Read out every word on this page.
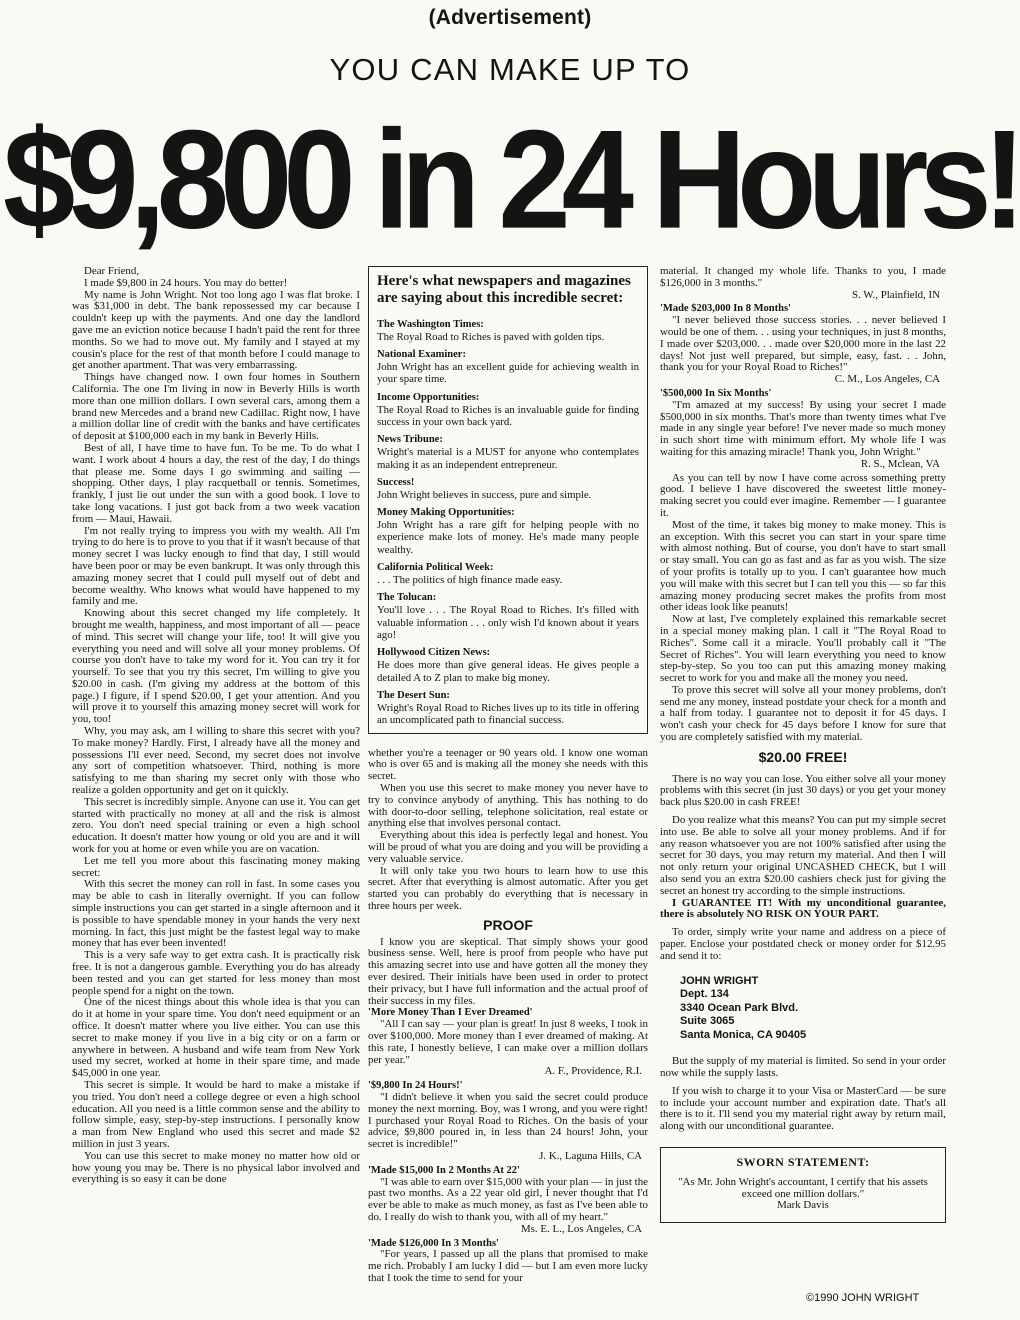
(Advertisement)
YOU CAN MAKE UP TO
$9,800 in 24 Hours!

Dear Friend,

I made $9,800 in 24 hours. You may do better!

My name is John Wright. Not too long ago I was flat broke. I was $31,000 in debt. The bank repossessed my car because I couldn't keep up with the payments. And one day the landlord gave me an eviction notice because I hadn't paid the rent for three months. So we had to move out. My family and I stayed at my cousin's place for the rest of that month before I could manage to get another apartment. That was very embarrassing.

Things have changed now. I own four homes in Southern California. The one I'm living in now in Beverly Hills is worth more than one million dollars. I own several cars, among them a brand new Mercedes and a brand new Cadillac. Right now, I have a million dollar line of credit with the banks and have certificates of deposit at $100,000 each in my bank in Beverly Hills.

Best of all, I have time to have fun. To be me. To do what I want. I work about 4 hours a day, the rest of the day, I do things that please me. Some days I go swimming and sailing — shopping. Other days, I play racquetball or tennis. Sometimes, frankly, I just lie out under the sun with a good book. I love to take long vacations. I just got back from a two week vacation from — Maui, Hawaii.

I'm not really trying to impress you with my wealth. All I'm trying to do here is to prove to you that if it wasn't because of that money secret I was lucky enough to find that day, I still would have been poor or may be even bankrupt. It was only through this amazing money secret that I could pull myself out of debt and become wealthy. Who knows what would have happened to my family and me.

Knowing about this secret changed my life completely. It brought me wealth, happiness, and most important of all — peace of mind. This secret will change your life, too! It will give you everything you need and will solve all your money problems. Of course you don't have to take my word for it. You can try it for yourself. To see that you try this secret, I'm willing to give you $20.00 in cash. (I'm giving my address at the bottom of this page.) I figure, if I spend $20.00, I get your attention. And you will prove it to yourself this amazing money secret will work for you, too!

Why, you may ask, am I willing to share this secret with you? To make money? Hardly. First, I already have all the money and possessions I'll ever need. Second, my secret does not involve any sort of competition whatsoever. Third, nothing is more satisfying to me than sharing my secret only with those who realize a golden opportunity and get on it quickly.

This secret is incredibly simple. Anyone can use it. You can get started with practically no money at all and the risk is almost zero. You don't need special training or even a high school education. It doesn't matter how young or old you are and it will work for you at home or even while you are on vacation.

Let me tell you more about this fascinating money making secret:

With this secret the money can roll in fast. In some cases you may be able to cash in literally overnight. If you can follow simple instructions you can get started in a single afternoon and it is possible to have spendable money in your hands the very next morning. In fact, this just might be the fastest legal way to make money that has ever been invented!

This is a very safe way to get extra cash. It is practically risk free. It is not a dangerous gamble. Everything you do has already been tested and you can get started for less money than most people spend for a night on the town.

One of the nicest things about this whole idea is that you can do it at home in your spare time. You don't need equipment or an office. It doesn't matter where you live either. You can use this secret to make money if you live in a big city or on a farm or anywhere in between. A husband and wife team from New York used my secret, worked at home in their spare time, and made $45,000 in one year.

This secret is simple. It would be hard to make a mistake if you tried. You don't need a college degree or even a high school education. All you need is a little common sense and the ability to follow simple, easy, step-by-step instructions. I personally know a man from New England who used this secret and made $2 million in just 3 years.

You can use this secret to make money no matter how old or how young you may be. There is no physical labor involved and everything is so easy it can be done

Here's what newspapers and magazines are saying about this incredible secret:
The Washington Times:
The Royal Road to Riches is paved with golden tips.
National Examiner:
John Wright has an excellent guide for achieving wealth in your spare time.
Income Opportunities:
The Royal Road to Riches is an invaluable guide for finding success in your own back yard.
News Tribune:
Wright's material is a MUST for anyone who contemplates making it as an independent entrepreneur.
Success!
John Wright believes in success, pure and simple.
Money Making Opportunities:
John Wright has a rare gift for helping people with no experience make lots of money. He's made many people wealthy.
California Political Week:
. . . The politics of high finance made easy.
The Tolucan:
You'll love . . . The Royal Road to Riches. It's filled with valuable information . . . only wish I'd known about it years ago!
Hollywood Citizen News:
He does more than give general ideas. He gives people a detailed A to Z plan to make big money.
The Desert Sun:
Wright's Royal Road to Riches lives up to its title in offering an uncomplicated path to financial success.

whether you're a teenager or 90 years old. I know one woman who is over 65 and is making all the money she needs with this secret.

When you use this secret to make money you never have to try to convince anybody of anything. This has nothing to do with door-to-door selling, telephone solicitation, real estate or anything else that involves personal contact.

Everything about this idea is perfectly legal and honest. You will be proud of what you are doing and you will be providing a very valuable service.

It will only take you two hours to learn how to use this secret. After that everything is almost automatic. After you get started you can probably do everything that is necessary in three hours per week.

PROOF

I know you are skeptical. That simply shows your good business sense. Well, here is proof from people who have put this amazing secret into use and have gotten all the money they ever desired. Their initials have been used in order to protect their privacy, but I have full information and the actual proof of their success in my files.

'More Money Than I Ever Dreamed'

"All I can say — your plan is great! In just 8 weeks, I took in over $100,000. More money than I ever dreamed of making. At this rate, I honestly believe, I can make over a million dollars per year."

A. F., Providence, R.I.

'$9,800 In 24 Hours!'

"I didn't believe it when you said the secret could produce money the next morning. Boy, was I wrong, and you were right! I purchased your Royal Road to Riches. On the basis of your advice, $9,800 poured in, in less than 24 hours! John, your secret is incredible!"

J. K., Laguna Hills, CA

'Made $15,000 In 2 Months At 22'

"I was able to earn over $15,000 with your plan — in just the past two months. As a 22 year old girl, I never thought that I'd ever be able to make as much money, as fast as I've been able to do. I really do wish to thank you, with all of my heart."

Ms. E. L., Los Angeles, CA

'Made $126,000 In 3 Months'

"For years, I passed up all the plans that promised to make me rich. Probably I am lucky I did — but I am even more lucky that I took the time to send for your

material. It changed my whole life. Thanks to you, I made $126,000 in 3 months."

S. W., Plainfield, IN

'Made $203,000 In 8 Months'

"I never believed those success stories. . . never believed I would be one of them. . . using your techniques, in just 8 months, I made over $203,000. . . made over $20,000 more in the last 22 days! Not just well prepared, but simple, easy, fast. . . John, thank you for your Royal Road to Riches!"

C. M., Los Angeles, CA

'$500,000 In Six Months'

"I'm amazed at my success! By using your secret I made $500,000 in six months. That's more than twenty times what I've made in any single year before! I've never made so much money in such short time with minimum effort. My whole life I was waiting for this amazing miracle! Thank you, John Wright."

R. S., Mclean, VA

As you can tell by now I have come across something pretty good. I believe I have discovered the sweetest little money-making secret you could ever imagine. Remember — I guarantee it.

Most of the time, it takes big money to make money. This is an exception. With this secret you can start in your spare time with almost nothing. But of course, you don't have to start small or stay small. You can go as fast and as far as you wish. The size of your profits is totally up to you. I can't guarantee how much you will make with this secret but I can tell you this — so far this amazing money producing secret makes the profits from most other ideas look like peanuts!

Now at last, I've completely explained this remarkable secret in a special money making plan. I call it "The Royal Road to Riches". Some call it a miracle. You'll probably call it "The Secret of Riches". You will learn everything you need to know step-by-step. So you too can put this amazing money making secret to work for you and make all the money you need.

To prove this secret will solve all your money problems, don't send me any money, instead postdate your check for a month and a half from today. I guarantee not to deposit it for 45 days. I won't cash your check for 45 days before I know for sure that you are completely satisfied with my material.

$20.00 FREE!

There is no way you can lose. You either solve all your money problems with this secret (in just 30 days) or you get your money back plus $20.00 in cash FREE!

Do you realize what this means? You can put my simple secret into use. Be able to solve all your money problems. And if for any reason whatsoever you are not 100% satisfied after using the secret for 30 days, you may return my material. And then I will not only return your original UNCASHED CHECK, but I will also send you an extra $20.00 cashiers check just for giving the secret an honest try according to the simple instructions.

I GUARANTEE IT! With my unconditional guarantee, there is absolutely NO RISK ON YOUR PART.

To order, simply write your name and address on a piece of paper. Enclose your postdated check or money order for $12.95 and send it to:

JOHN WRIGHT
Dept. 134
3340 Ocean Park Blvd.
Suite 3065
Santa Monica, CA 90405

But the supply of my material is limited. So send in your order now while the supply lasts.

If you wish to charge it to your Visa or MasterCard — be sure to include your account number and expiration date. That's all there is to it. I'll send you my material right away by return mail, along with our unconditional guarantee.

SWORN STATEMENT:
"As Mr. John Wright's accountant, I certify that his assets exceed one million dollars."
Mark Davis
©1990 JOHN WRIGHT
